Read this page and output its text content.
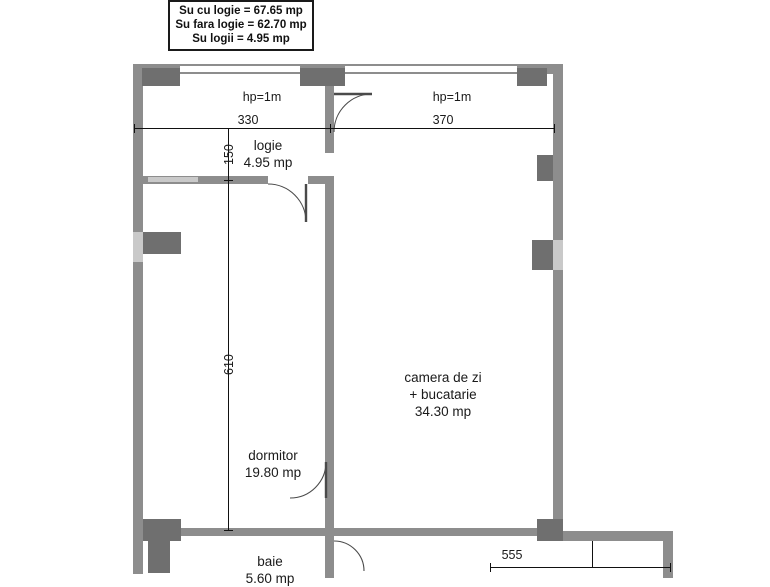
Su cu logie = 67.65 mp
Su fara logie = 62.70 mp
Su logii = 4.95 mp
330	370
150
610
555
hp=1m	hp=1m
logie
4.95 mp
camera de zi
+ bucatarie
34.30 mp
dormitor
19.80 mp
baie
5.60 mp
